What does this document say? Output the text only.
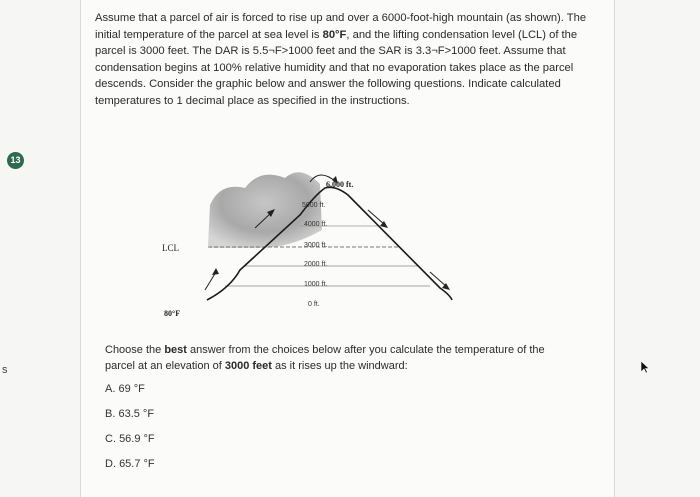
s
13
Assume that a parcel of air is forced to rise up and over a 6000-foot-high mountain (as shown). The initial temperature of the parcel at sea level is 80°F, and the lifting condensation level (LCL) of the parcel is 3000 feet. The DAR is 5.5¬F>1000 feet and the SAR is 3.3¬F>1000 feet. Assume that condensation begins at 100% relative humidity and that no evaporation takes place as the parcel descends. Consider the graphic below and answer the following questions. Indicate calculated temperatures to 1 decimal place as specified in the instructions.
6,000 ft.
5000 ft.
4000 ft.
3000 ft.
2000 ft.
1000 ft.
0 ft.
LCL
80°F
Choose the best answer from the choices below after you calculate the temperature of the parcel at an elevation of 3000 feet as it rises up the windward:
A. 69 °F
B. 63.5 °F
C. 56.9 °F
D. 65.7 °F
